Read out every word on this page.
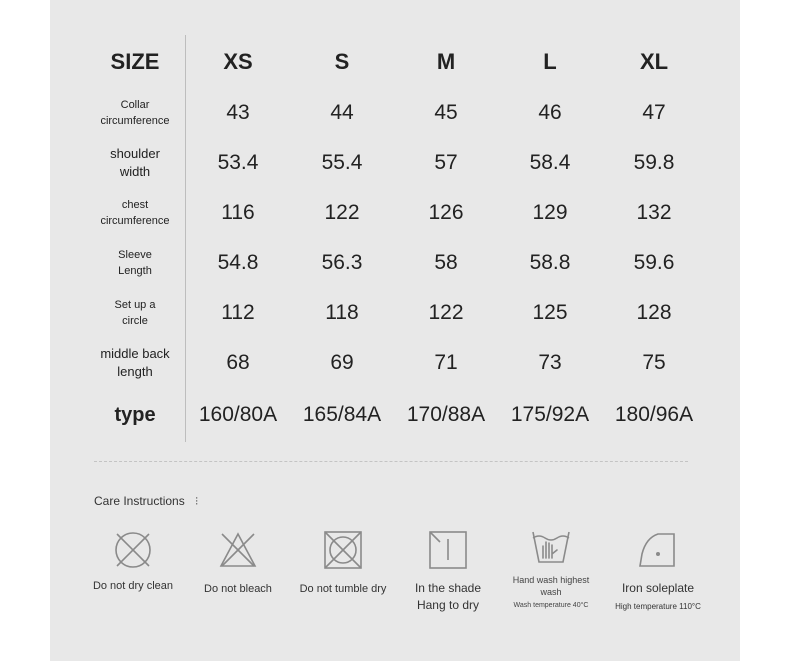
SIZE	XS	S	M	L	XL
Collar
circumference	43	44	45	46	47
shoulder
width	53.4	55.4	57	58.4	59.8
chest
circumference	116	122	126	129	132
Sleeve
Length	54.8	56.3	58	58.8	59.6
Set up a
circle	112	118	122	125	128
middle back
length	68	69	71	73	75
type	160/80A	165/84A	170/88A	175/92A	180/96A
Care Instructions ⁝
Do not dry clean	Do not bleach	Do not tumble dry	In the shade
Hang to dry
Hand wash highest
wash
Wash temperature 40°C
Iron soleplate
High temperature 110°C
